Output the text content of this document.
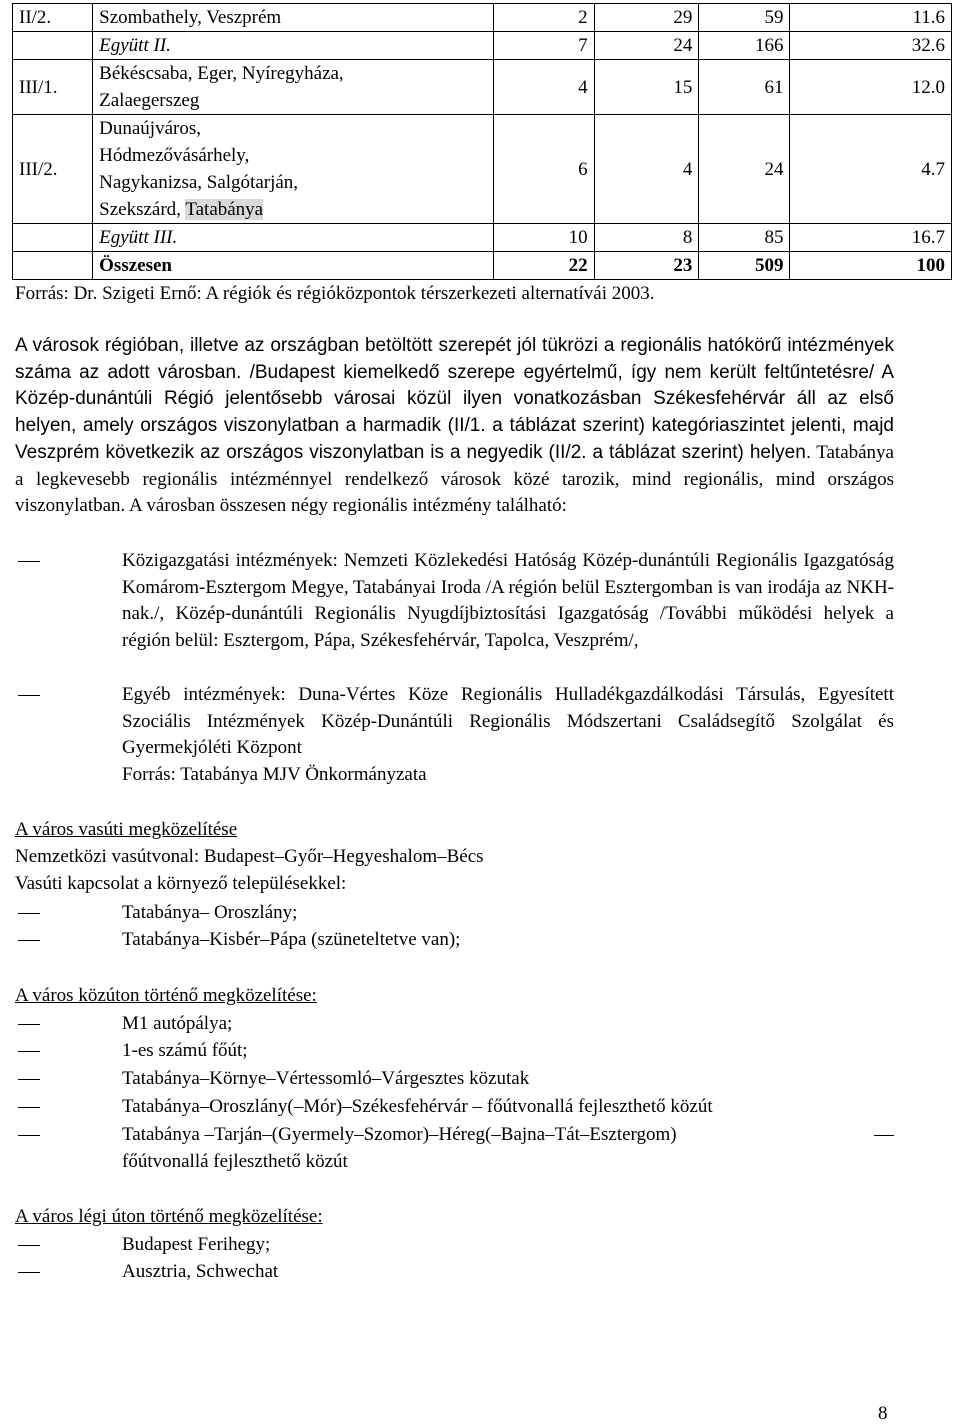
II/2.	Szombathely, Veszprém	2	29	59	11.6
	Együtt II.	7	24	166	32.6
III/1.	Békéscsaba, Eger, Nyíregyháza,
Zalaegerszeg	4	15	61	12.0
III/2.	Dunaújváros,
Hódmezővásárhely,
Nagykanizsa, Salgótarján,
Szekszárd, Tatabánya	6	4	24	4.7
	Együtt III.	10	8	85	16.7
	Összesen	22	23	509	100
Forrás: Dr. Szigeti Ernő: A régiók és régióközpontok térszerkezeti alternatívái 2003.
A városok régióban, illetve az országban betöltött szerepét jól tükrözi a regionális hatókörű intézmények száma az adott városban. /Budapest kiemelkedő szerepe egyértelmű, így nem került feltűntetésre/ A Közép-dunántúli Régió jelentősebb városai közül ilyen vonatkozásban Székesfehérvár áll az első helyen, amely országos viszonylatban a harmadik (II/1. a táblázat szerint) kategóriaszintet jelenti, majd Veszprém következik az országos viszonylatban is a negyedik (II/2. a táblázat szerint) helyen. Tatabánya a legkevesebb regionális intézménnyel rendelkező városok közé tarozik, mind regionális, mind országos viszonylatban. A városban összesen négy regionális intézmény található:
Közigazgatási intézmények: Nemzeti Közlekedési Hatóság Közép-dunántúli Regionális Igazgatóság Komárom-Esztergom Megye, Tatabányai Iroda /A régión belül Esztergomban is van irodája az NKH-nak./, Közép-dunántúli Regionális Nyugdíjbiztosítási Igazgatóság /További működési helyek a régión belül: Esztergom, Pápa, Székesfehérvár, Tapolca, Veszprém/,
Egyéb intézmények: Duna-Vértes Köze Regionális Hulladékgazdálkodási Társulás, Egyesített Szociális Intézmények Közép-Dunántúli Regionális Módszertani Családsegítő Szolgálat és Gyermekjóléti Központ
Forrás: Tatabánya MJV Önkormányzata
A város vasúti megközelítése
Nemzetközi vasútvonal: Budapest–Győr–Hegyeshalom–Bécs
Vasúti kapcsolat a környező településekkel:
Tatabánya– Oroszlány;
Tatabánya–Kisbér–Pápa (szüneteltetve van);
A város közúton történő megközelítése:
M1 autópálya;
1-es számú főút;
Tatabánya–Környe–Vértessomló–Várgesztes közutak
Tatabánya–Oroszlány(–Mór)–Székesfehérvár – főútvonallá fejleszthető közút
Tatabánya –Tarján–(Gyermely–Szomor)–Héreg(–Bajna–Tát–Esztergom)
főútvonallá fejleszthető közút
A város légi úton történő megközelítése:
Budapest Ferihegy;
Ausztria, Schwechat
8
